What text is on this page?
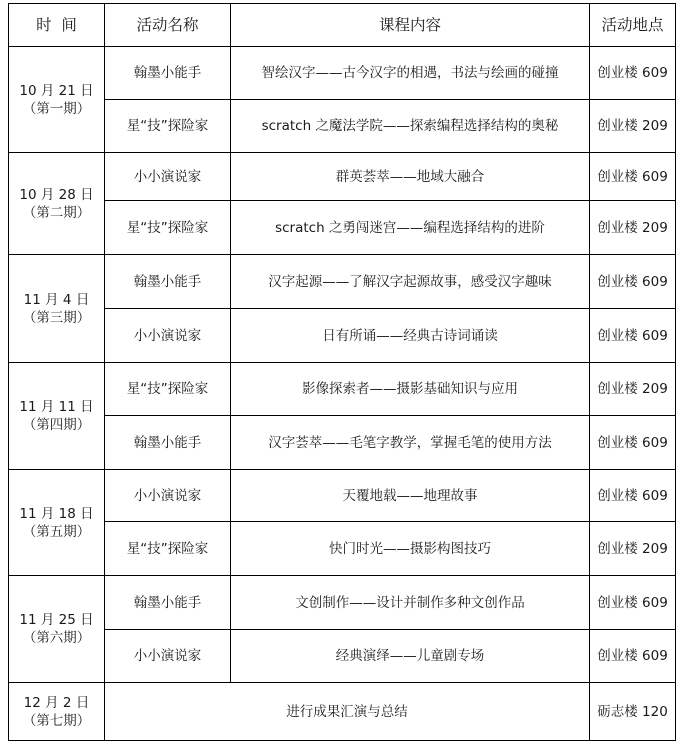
时  间	活动名称	课程内容	活动地点

10 月 21 日
（第一期）	翰墨小能手	智绘汉字——古今汉字的相遇，书法与绘画的碰撞	创业楼 609
	星“技”探险家	scratch 之魔法学院——探索编程选择结构的奥秘	创业楼 209

10 月 28 日
（第二期）	小小演说家	群英荟萃——地域大融合	创业楼 609
	星“技”探险家	scratch 之勇闯迷宫——编程选择结构的进阶	创业楼 209

11 月 4 日
（第三期）	翰墨小能手	汉字起源——了解汉字起源故事，感受汉字趣味	创业楼 609
	小小演说家	日有所诵——经典古诗词诵读	创业楼 609

11 月 11 日
（第四期）	星“技”探险家	影像探索者——摄影基础知识与应用	创业楼 209
	翰墨小能手	汉字荟萃——毛笔字教学，掌握毛笔的使用方法	创业楼 609

11 月 18 日
（第五期）	小小演说家	天覆地载——地理故事	创业楼 609
	星“技”探险家	快门时光——摄影构图技巧	创业楼 209

11 月 25 日
（第六期）	翰墨小能手	文创制作——设计并制作多种文创作品	创业楼 609
	小小演说家	经典演绎——儿童剧专场	创业楼 609

12 月 2 日
（第七期）	进行成果汇演与总结		砺志楼 120
